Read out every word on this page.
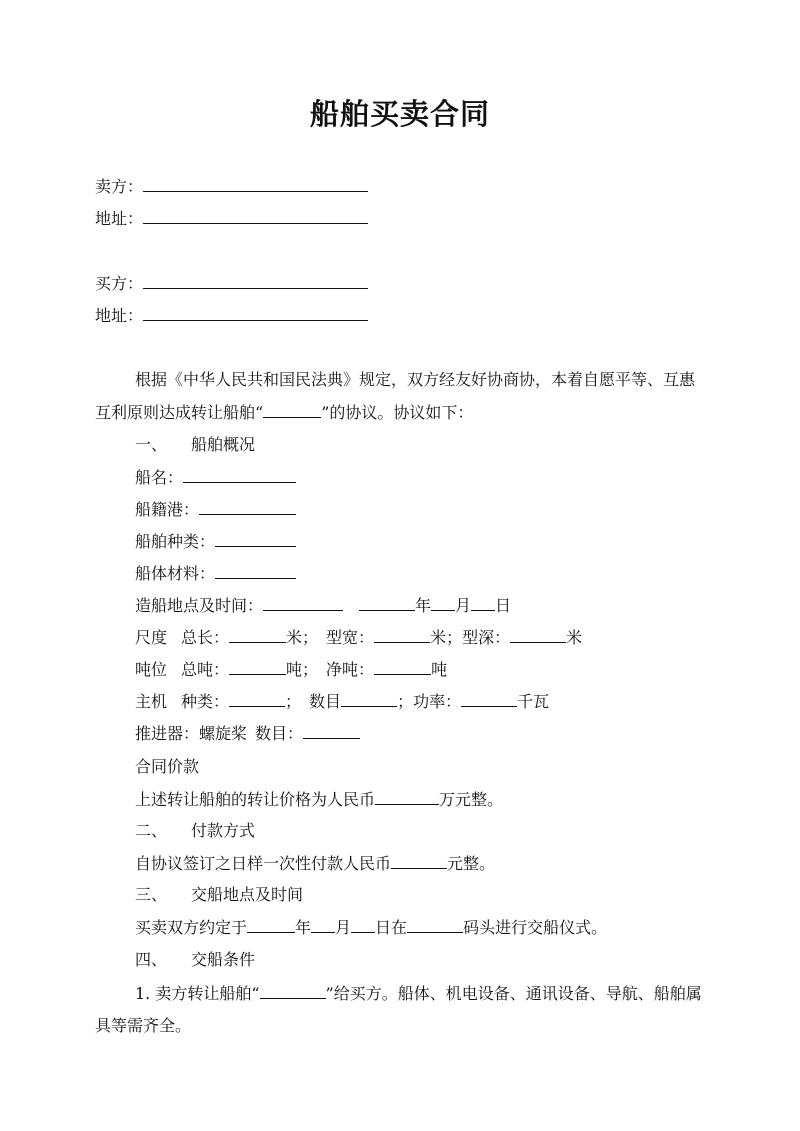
船舶买卖合同
卖方：
地址：
买方：
地址：
根据《中华人民共和国民法典》规定，双方经友好协商协，本着自愿平等、互惠
互利原则达成转让船舶“	”的协议。协议如下：
一、 船舶概况
船名：
船籍港：
船舶种类：
船体材料：
造船地点及时间：	年 月 日
尺度 总长：	米； 型宽：	米；型深：	米
吨位 总吨：	吨； 净吨：	吨
主机 种类：	； 数目	；功率：	千瓦
推进器：螺旋桨 数目：
合同价款
上述转让船舶的转让价格为人民币	万元整。
二、 付款方式
自协议签订之日样一次性付款人民币	元整。
三、 交船地点及时间
买卖双方约定于	年 月 日在	码头进行交船仪式。
四、 交船条件
1. 卖方转让船舶“	”给买方。船体、机电设备、通讯设备、导航、船舶属
具等需齐全。
